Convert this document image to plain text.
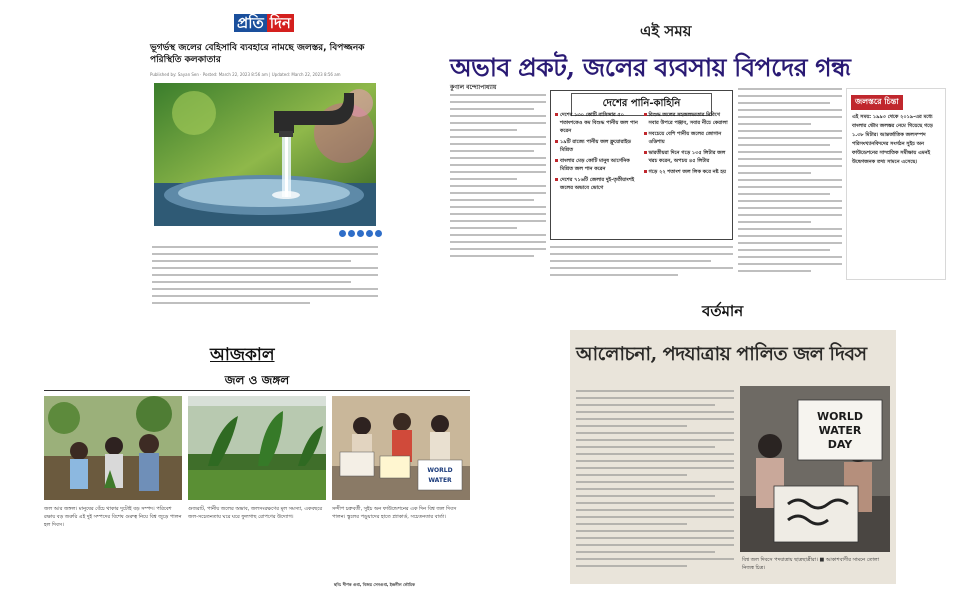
প্রতি দিন
ভূগর্ভস্থ জলের বেহিসাবি ব্যবহারে নামছে জলস্তর, বিপজ্জনক পরিস্থিতি কলকাতার
Published by: Sayan Sen · Posted: March 22, 2023 8:56 am | Updated: March 22, 2023 8:56 am
এই সময়
অভাব প্রকট, জলের ব্যবসায় বিপদের গন্ধ
কুণাল বন্দ্যোপাধ্যায়
দেশের পানি-কাহিনি
দেশের ১৩০ কোটি বাসিন্দার ৫০ শতাংশকেও কম বিশুদ্ধ পানীয় জল পান করেন
১৯টি রাজ্যে পানীয় জল ফ্লুয়োরাইড মিশ্রিত
বাংলার মেড় কোটি মানুষ আর্সেনিক মিশ্রিত জল পান করেন
দেশের ৭১৬টি জেলার দুই-তৃতীয়াংশই জলের অভাবে ভোগে
বিশুদ্ধ জলের সহজলভ্যতার নিরিখে সবার উপরে পঞ্জাব, সবার নীচে কেরালা
সবচেয়ে বেশি পানীয় জলের জোগান ওডিশায়
ভারতীয়রা দিনে গড়ে ১৩৫ লিটার জল খরচ করেন, অপচয় ৪৫ লিটার
গড়ে ২২ শতাংশ জল লিক করে নষ্ট হয়
জলস্তরে চিন্তা
এই সময়: ১৯৯৩ থেকে ২০১৯-এর মধ্যে বাংলার ভৌম জলস্তর নেমে গিয়েছে গড়ে ১.৩৮ মিটার। আন্তর্জাতিক জলসম্পদ পরিসংখ্যানবিদদের সংগঠন সুইচ অন ফাউন্ডেশনের সাম্প্রতিক সমীক্ষায় এমনই উদ্বেগজনক তথ্য সামনে এসেছে।
আজকাল
জল ও জঙ্গল
WORLD
WATER
জল আর জঙ্গল। মানুষের বেঁচে থাকার দুটোই বড় সম্পদ। পরিবেশ রক্ষায় বড় জরুরি এই দুই সম্পদের বিশেষ গুরুত্ব নিয়ে বিশ্ব জুড়ে পালন হল দিবস।
গুজরাট, পানীয় জলের অভাব, জলসংরক্ষণের মূল সমস্যা, একবছরে জল-সচেতনতায় ঘরে ঘরে ফুলগাছ রোপণের উদ্যোগ।
সন্দীপ চক্রবর্তী, সুইচ অন ফাউন্ডেশনের এক দিন বিশ্ব জল দিবস পালন। স্কুলের পড়ুয়াদের হাতে প্ল্যাকার্ড, সচেতনতার বার্তা।
ছবি: দীপক গুপ্ত, বিজয় সেনগুপ্ত, ইন্দ্রনীল ভৌমিক
বর্তমান
আলোচনা, পদযাত্রায় পালিত জল দিবস
WORLD
WATER
DAY
বিশ্ব জল দিবসে পদযাত্রায় ছাত্রছাত্রীরা। ■ আকাশবাণীর সামনে তোলা নিজস্ব চিত্র।
